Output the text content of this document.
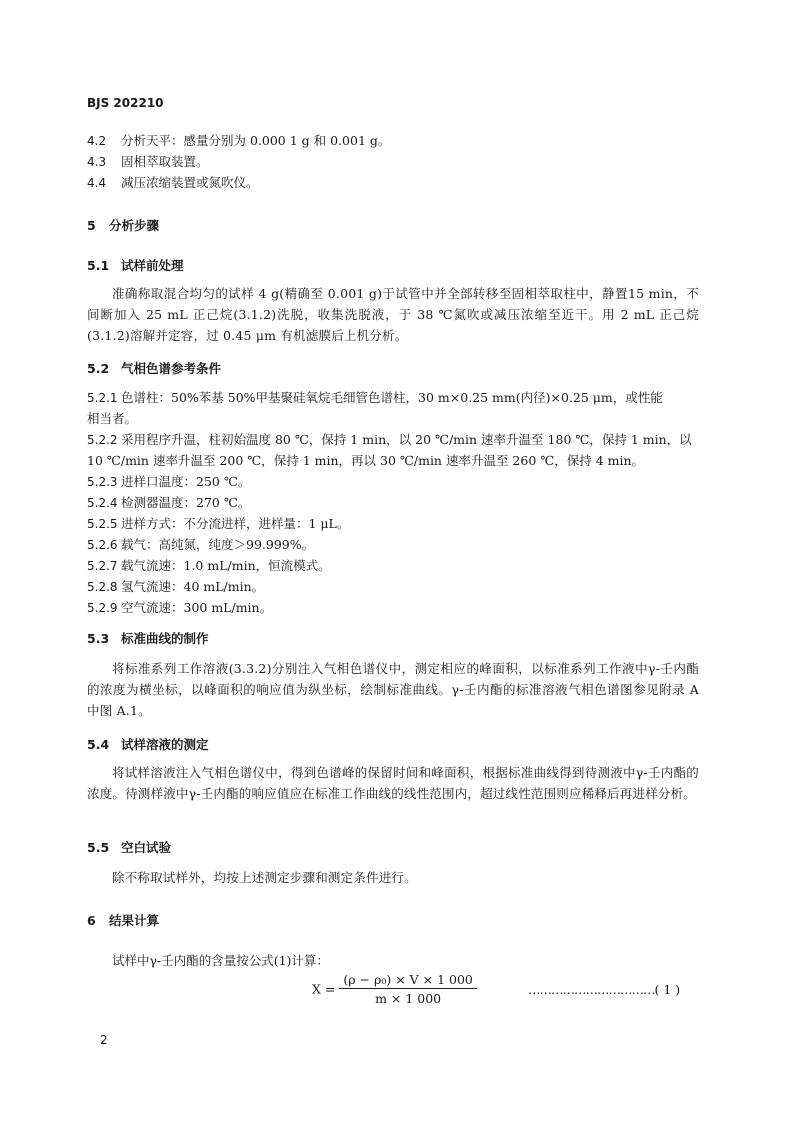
BJS 202210
4.2 分析天平：感量分别为 0.000 1 g 和 0.001 g。
4.3 固相萃取装置。
4.4 减压浓缩装置或氮吹仪。
5 分析步骤
5.1 试样前处理
准确称取混合均匀的试样 4 g(精确至 0.001 g)于试管中并全部转移至固相萃取柱中，静置15 min，不间断加入 25 mL 正己烷(3.1.2)洗脱，收集洗脱液，于 38 ℃氮吹或减压浓缩至近干。用 2 mL 正己烷(3.1.2)溶解并定容，过 0.45 μm 有机滤膜后上机分析。
5.2 气相色谱参考条件
5.2.1 色谱柱：50%苯基 50%甲基聚硅氧烷毛细管色谱柱，30 m×0.25 mm(内径)×0.25 μm，或性能
相当者。
5.2.2 采用程序升温，柱初始温度 80 ℃，保持 1 min，以 20 ℃/min 速率升温至 180 ℃，保持 1 min，以
10 ℃/min 速率升温至 200 ℃，保持 1 min，再以 30 ℃/min 速率升温至 260 ℃，保持 4 min。
5.2.3 进样口温度：250 ℃。
5.2.4 检测器温度：270 ℃。
5.2.5 进样方式：不分流进样，进样量：1 μL。
5.2.6 载气：高纯氮，纯度＞99.999%。
5.2.7 载气流速：1.0 mL/min，恒流模式。
5.2.8 氢气流速：40 mL/min。
5.2.9 空气流速：300 mL/min。
5.3 标准曲线的制作
将标准系列工作溶液(3.3.2)分别注入气相色谱仪中，测定相应的峰面积，以标准系列工作液中γ-壬内酯的浓度为横坐标，以峰面积的响应值为纵坐标，绘制标准曲线。γ-壬内酯的标准溶液气相色谱图参见附录 A 中图 A.1。
5.4 试样溶液的测定
将试样溶液注入气相色谱仪中，得到色谱峰的保留时间和峰面积，根据标准曲线得到待测液中γ-壬内酯的浓度。待测样液中γ-壬内酯的响应值应在标准工作曲线的线性范围内，超过线性范围则应稀释后再进样分析。
5.5 空白试验
除不称取试样外，均按上述测定步骤和测定条件进行。
6 结果计算
试样中γ-壬内酯的含量按公式(1)计算：
$X = \frac{\text{(ρ − ρ₀) × V × 1 000}}{m \times 1 000}$	……………………………( 1 )
2
